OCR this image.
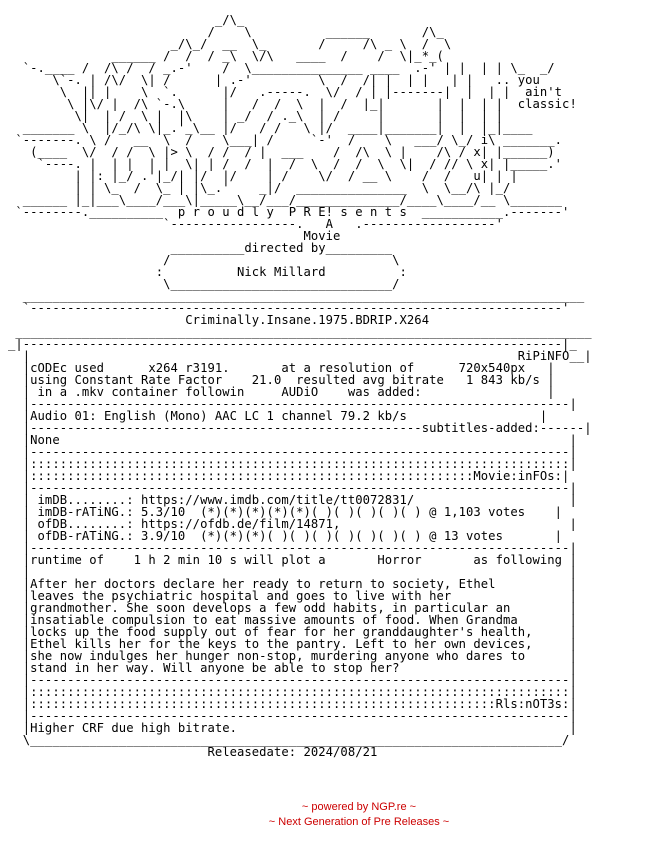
_/\_
/    \          ______       /\_
_/\_/  __  \_       /     /\ _ \  /  \
______ /  /  / _\  \/\   ____  /    /  \|_*_(
`-.____ /  /\ /  / _.-'    /  \_______________ ____  .-' | |  | | \_  _/
\`-. | /\/  \| /      | .-'         \  /  /| |  | |   | |   .. you
\  || |    \  `.      |/   .-----.  \/  / | |-------|  |  | |  ain't
\ |\/ |  /\ `-.\     |   /  /  \  |  /  |_|       |  |  | |  classic!
\|  | /  \ |  |\    | _/  / ._\  | /     |       |  |  | |
_______ \  |/_/\ \|_.'_\__ |/   / /   \ |/  ____|_______|  |  |_|____
`-------. \ /   __  \  /    \___| /     `-'  /    \   ___/ \_/ i\ _______.
(____  \/  / /  \ |> \  / /  / |  ___    /  /\  \ |    /\ / x| |______)
`----. |  | |  | |  \| | /  /  |  /  \  /  /  \  \|  / // \ x| |_____.'
| |: |_/ .'|_/| |/  |/    | /    \/  / __ \    /  /   u| | |
| | \_  /  \_ | |\_.'    _|/  _______________  \  \__/\ |_/
______ |_|___\____/___\|_____\__/___/______________/____\____/__ \_______
`--------.__________  p r o u d l y  P R E! s e n t s  ___________.-------'
`-----------------.   A   .------------------'
Movie
__________directed by_________
/                              \
:          Nick Millard          :
\______________________________/
____________________________________________________________________________
`------------------------------------------------------------------------'
Criminally.Insane.1975.BDRIP.X264
______________________________________________________________________________
_|-------------------------------------------------------------------------|_
|                                                                  RiPiNFO__|
|cODEc used      x264 r3191.       at a resolution of      720x540px   |
|using Constant Rate Factor    21.0  resulted avg bitrate   1 843 kb/s |
| in a .mkv container followin     AUDiO    was added:                 |
|-------------------------------------------------------------------------|
|Audio 01: English (Mono) AAC LC 1 channel 79.2 kb/s                  |
|-----------------------------------------------------subtitles-added:------|
|None                                                                     |
|-------------------------------------------------------------------------|
|:::::::::::::::::::::::::::::::::::::::::::::::::::::::::::::::::::::::::|
|::::::::::::::::::::::::::::::::::::::::::::::::::::::::::::Movie:inFOs:|
|-------------------------------------------------------------------------|
| imDB........: https://www.imdb.com/title/tt0072831/                     |
| imDB-rATiNG.: 5.3/10  (*)(*)(*)(*)(*)( )( )( )( )( ) @ 1,103 votes    |
| ofDB........: https://ofdb.de/film/14871,                               |
| ofDB-rATiNG.: 3.9/10  (*)(*)(*)( )( )( )( )( )( )( ) @ 13 votes       |
|-------------------------------------------------------------------------|
|runtime of    1 h 2 min 10 s will plot a       Horror       as following |
|                                                                         |
|After her doctors declare her ready to return to society, Ethel          |
|leaves the psychiatric hospital and goes to live with her                |
|grandmother. She soon develops a few odd habits, in particular an        |
|insatiable compulsion to eat massive amounts of food. When Grandma       |
|locks up the food supply out of fear for her granddaughter's health,     |
|Ethel kills her for the keys to the pantry. Left to her own devices,     |
|she now indulges her hunger non-stop, murdering anyone who dares to      |
|stand in her way. Will anyone be able to stop her?                       |
|-------------------------------------------------------------------------|
|:::::::::::::::::::::::::::::::::::::::::::::::::::::::::::::::::::::::::|
|:::::::::::::::::::::::::::::::::::::::::::::::::::::::::::::::Rls:nOT3s:|
|-------------------------------------------------------------------------|
|Higher CRF due high bitrate.                                             |
\________________________________________________________________________/
Releasedate: 2024/08/21

~ powered by NGP.re ~
~ Next Generation of Pre Releases ~
